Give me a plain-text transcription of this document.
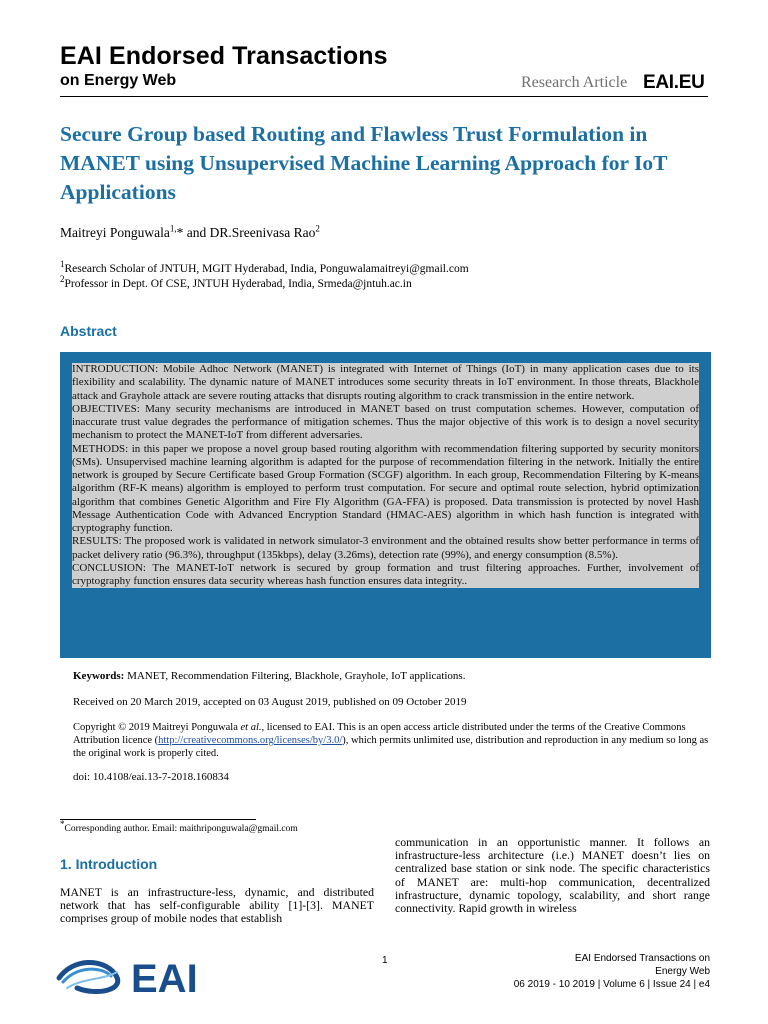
EAI Endorsed Transactions
on Energy Web	Research Article EAI.EU
Secure Group based Routing and Flawless Trust Formulation in MANET using Unsupervised Machine Learning Approach for IoT Applications
Maitreyi Ponguwala$^{1,}$* and DR.Sreenivasa Rao$^2$
$^1$Research Scholar of JNTUH, MGIT Hyderabad, India, Ponguwalamaitreyi@gmail.com
$^2$Professor in Dept. Of CSE, JNTUH Hyderabad, India, Srmeda@jntuh.ac.in
Abstract

INTRODUCTION: Mobile Adhoc Network (MANET) is integrated with Internet of Things (IoT) in many application cases due to its flexibility and scalability. The dynamic nature of MANET introduces some security threats in IoT environment. In those threats, Blackhole attack and Grayhole attack are severe routing attacks that disrupts routing algorithm to crack transmission in the entire network.

OBJECTIVES: Many security mechanisms are introduced in MANET based on trust computation schemes. However, computation of inaccurate trust value degrades the performance of mitigation schemes. Thus the major objective of this work is to design a novel security mechanism to protect the MANET-IoT from different adversaries.

METHODS: in this paper we propose a novel group based routing algorithm with recommendation filtering supported by security monitors (SMs). Unsupervised machine learning algorithm is adapted for the purpose of recommendation filtering in the network. Initially the entire network is grouped by Secure Certificate based Group Formation (SCGF) algorithm. In each group, Recommendation Filtering by K-means algorithm (RF-K means) algorithm is employed to perform trust computation. For secure and optimal route selection, hybrid optimization algorithm that combines Genetic Algorithm and Fire Fly Algorithm (GA-FFA) is proposed. Data transmission is protected by novel Hash Message Authentication Code with Advanced Encryption Standard (HMAC-AES) algorithm in which hash function is integrated with cryptography function.

RESULTS: The proposed work is validated in network simulator-3 environment and the obtained results show better performance in terms of packet delivery ratio (96.3%), throughput (135kbps), delay (3.26ms), detection rate (99%), and energy consumption (8.5%).

CONCLUSION: The MANET-IoT network is secured by group formation and trust filtering approaches. Further, involvement of cryptography function ensures data security whereas hash function ensures data integrity..

Keywords: MANET, Recommendation Filtering, Blackhole, Grayhole, IoT applications.
Received on 20 March 2019, accepted on 03 August 2019, published on 09 October 2019
Copyright © 2019 Maitreyi Ponguwala et al., licensed to EAI. This is an open access article distributed under the terms of the Creative Commons Attribution licence (http://creativecommons.org/licenses/by/3.0/), which permits unlimited use, distribution and reproduction in any medium so long as the original work is properly cited.
doi: 10.4108/eai.13-7-2018.160834
*Corresponding author. Email: maithriponguwala@gmail.com
1. Introduction
MANET is an infrastructure-less, dynamic, and distributed network that has self-configurable ability [1]-[3]. MANET comprises group of mobile nodes that establish
communication in an opportunistic manner. It follows an infrastructure-less architecture (i.e.) MANET doesn’t lies on centralized base station or sink node. The specific characteristics of MANET are: multi-hop communication, decentralized infrastructure, dynamic topology, scalability, and short range connectivity. Rapid growth in wireless
EAI	1	EAI Endorsed Transactions on
Energy Web
06 2019 - 10 2019 | Volume 6 | Issue 24 | e4
